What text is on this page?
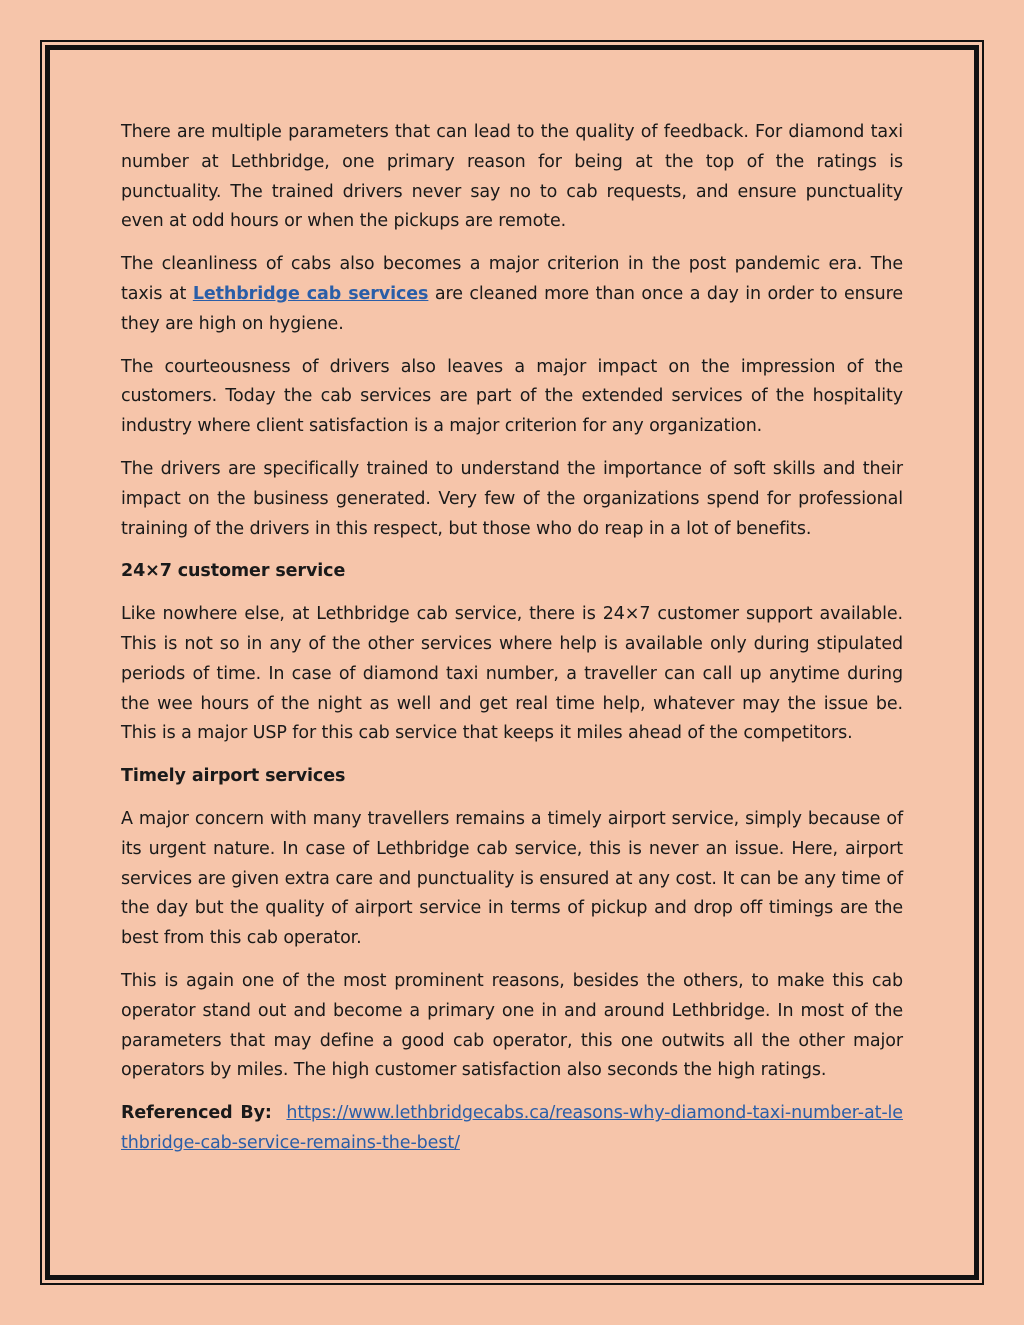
There are multiple parameters that can lead to the quality of feedback. For diamond taxi number at Lethbridge, one primary reason for being at the top of the ratings is punctuality. The trained drivers never say no to cab requests, and ensure punctuality even at odd hours or when the pickups are remote.

The cleanliness of cabs also becomes a major criterion in the post pandemic era. The taxis at Lethbridge cab services are cleaned more than once a day in order to ensure they are high on hygiene.

The courteousness of drivers also leaves a major impact on the impression of the customers. Today the cab services are part of the extended services of the hospitality industry where client satisfaction is a major criterion for any organization.

The drivers are specifically trained to understand the importance of soft skills and their impact on the business generated. Very few of the organizations spend for professional training of the drivers in this respect, but those who do reap in a lot of benefits.

24×7 customer service

Like nowhere else, at Lethbridge cab service, there is 24×7 customer support available. This is not so in any of the other services where help is available only during stipulated periods of time. In case of diamond taxi number, a traveller can call up anytime during the wee hours of the night as well and get real time help, whatever may the issue be. This is a major USP for this cab service that keeps it miles ahead of the competitors.

Timely airport services

A major concern with many travellers remains a timely airport service, simply because of its urgent nature. In case of Lethbridge cab service, this is never an issue. Here, airport services are given extra care and punctuality is ensured at any cost. It can be any time of the day but the quality of airport service in terms of pickup and drop off timings are the best from this cab operator.

This is again one of the most prominent reasons, besides the others, to make this cab operator stand out and become a primary one in and around Lethbridge. In most of the parameters that may define a good cab operator, this one outwits all the other major operators by miles. The high customer satisfaction also seconds the high ratings.

Referenced By: https://www.lethbridgecabs.ca/reasons-why-diamond-taxi-number-at-lethbridge-cab-service-remains-the-best/
